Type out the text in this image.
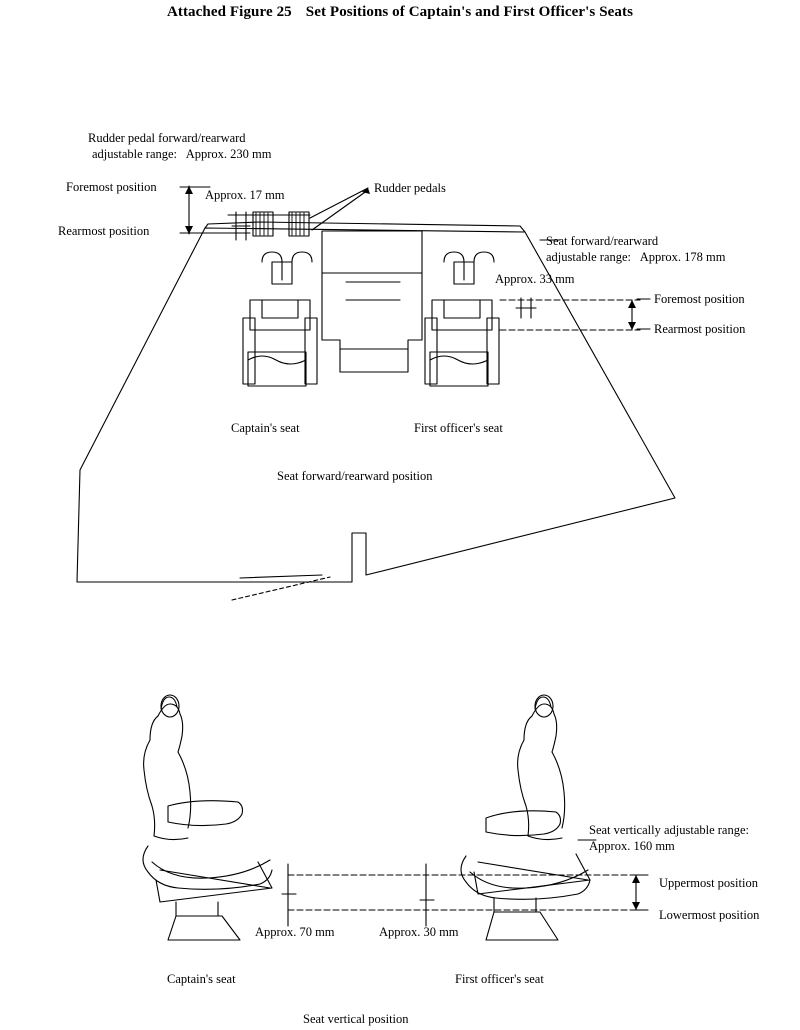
Attached Figure 25 Set Positions of Captain's and First Officer's Seats
Rudder pedal forward/rearward
adjustable range:   Approx. 230 mm
Foremost position
Rearmost position
Approx. 17 mm	Rudder pedals
Seat forward/rearward
adjustable range:   Approx. 178 mm
Approx. 33 mm
Foremost position
Rearmost position
Captain's seat	First officer's seat
Seat forward/rearward position
Seat vertically adjustable range:
Approx. 160 mm
Uppermost position
Lowermost position
Approx. 70 mm	Approx. 30 mm
Captain's seat	First officer's seat
Seat vertical position
